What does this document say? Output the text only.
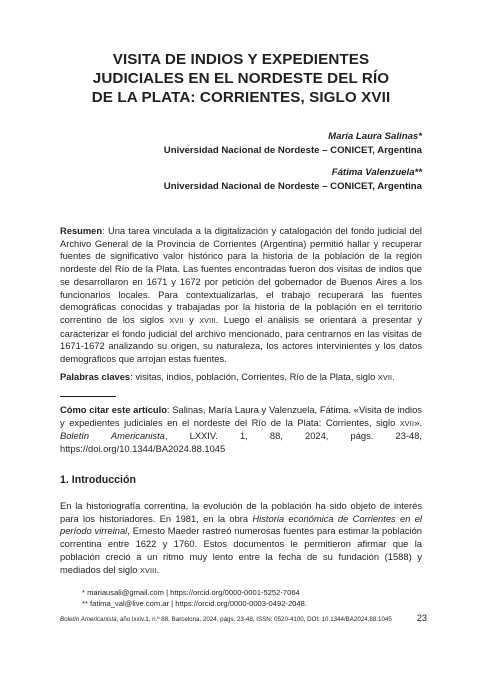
VISITA DE INDIOS Y EXPEDIENTES
JUDICIALES EN EL NORDESTE DEL RÍO
DE LA PLATA: CORRIENTES, SIGLO XVII
María Laura Salinas*
Universidad Nacional de Nordeste – CONICET, Argentina
Fátima Valenzuela**
Universidad Nacional de Nordeste – CONICET, Argentina

Resumen: Una tarea vinculada a la digitalización y catalogación del fondo judicial del Archivo General de la Provincia de Corrientes (Argentina) permitió hallar y recuperar fuentes de significativo valor histórico para la historia de la población de la región nordeste del Río de la Plata. Las fuentes encontradas fueron dos visitas de indios que se desarrollaron en 1671 y 1672 por petición del gobernador de Buenos Aires a los funcionarios locales. Para contextualizarlas, el trabajo recuperará las fuentes demográficas conocidas y trabajadas por la historia de la población en el territorio correntino de los siglos XVII y XVIII. Luego el análisis se orientará a presentar y caracterizar el fondo judicial del archivo mencionado, para centrarnos en las visitas de 1671-1672 analizando su origen, su naturaleza, los actores intervinientes y los datos demográficos que arrojan estas fuentes.

Palabras claves: visitas, indios, población, Corrientes, Río de la Plata, siglo XVII.

Cómo citar este artículo: Salinas, María Laura y Valenzuela, Fátima. «Visita de indios y expedientes judiciales en el nordeste del Río de la Plata: Corrientes, siglo XVII». Boletín Americanista, LXXIV. 1, 88, 2024, págs. 23-48, https://doi.org/10.1344/BA2024.88.1045

1. Introducción

En la historiografía correntina, la evolución de la población ha sido objeto de interés para los historiadores. En 1981, en la obra Historia económica de Corrientes en el período virreinal, Ernesto Maeder rastreó numerosas fuentes para estimar la población correntina entre 1622 y 1760. Estos documentos le permitieron afirmar que la población creció a un ritmo muy lento entre la fecha de su fundación (1588) y mediados del siglo XVIII.

* mariausali@gmail.com | https://orcid.org/0000-0001-5252-7064
** fatima_val@live.com.ar | https://orcid.org/0000-0003-0492-2048.
Boletín Americanista, año lxxiv.1, n.º 88, Barcelona, 2024, págs. 23-48, ISSN: 0520-4100, DOI: 10.1344/BA2024.88.1045	23
